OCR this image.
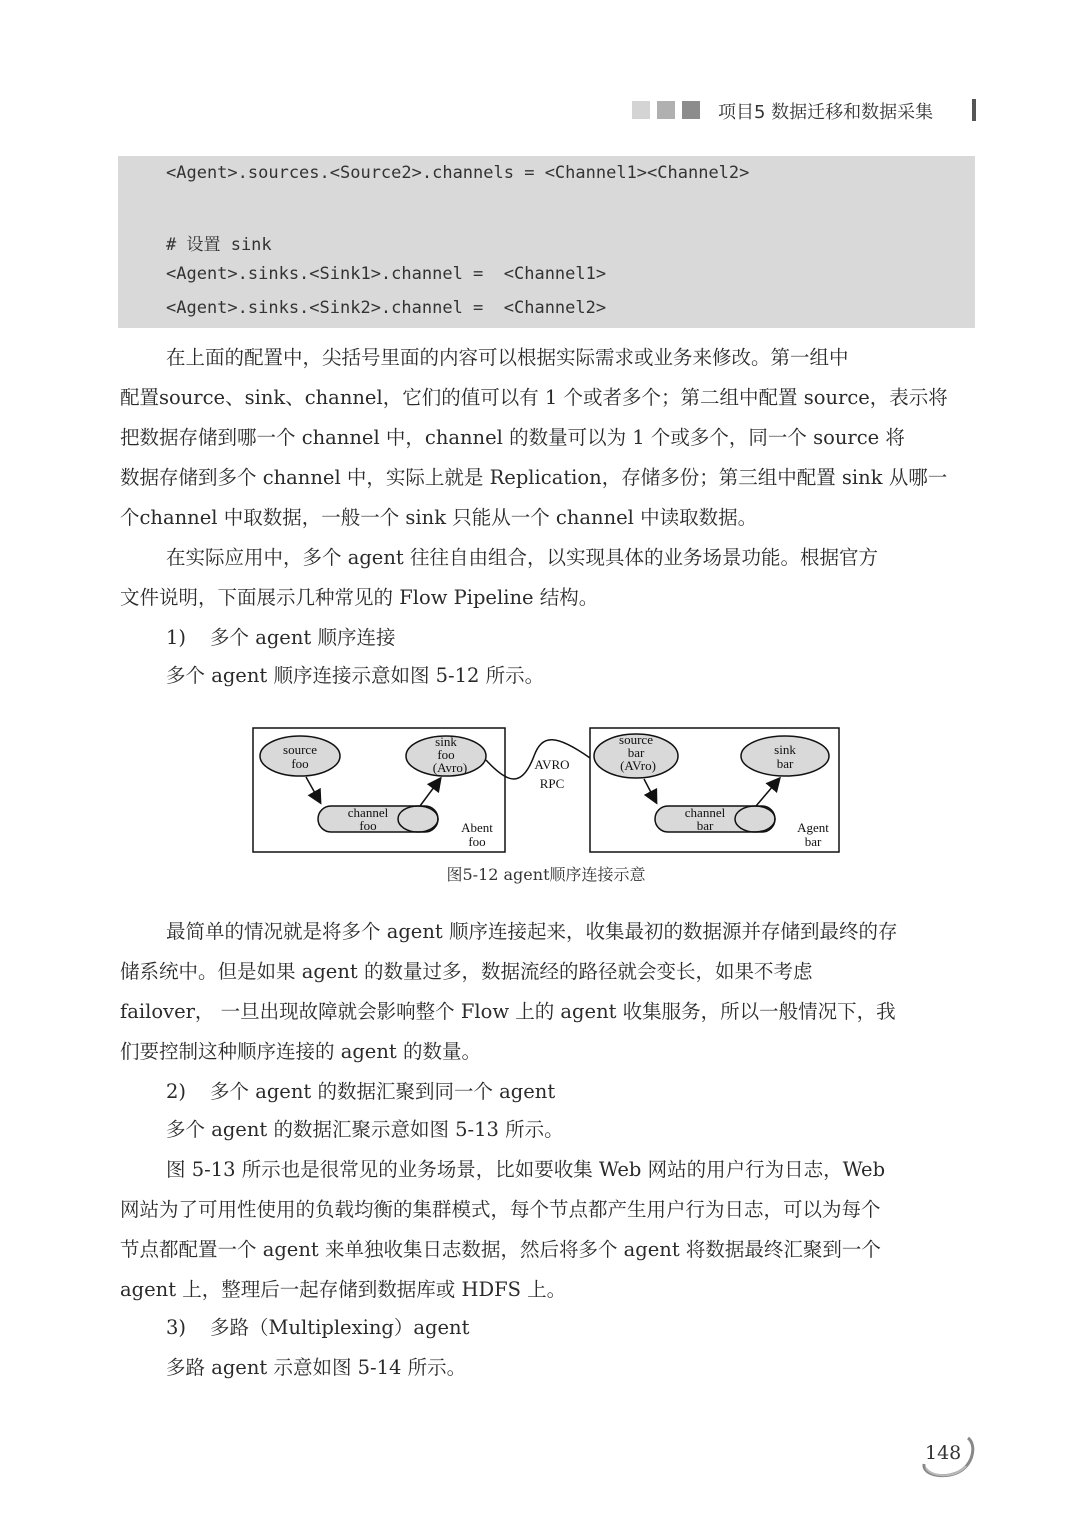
项目5 数据迁移和数据采集
<Agent>.sources.<Source2>.channels = <Channel1><Channel2>
# 设置 sink
<Agent>.sinks.<Sink1>.channel =  <Channel1>
<Agent>.sinks.<Sink2>.channel =  <Channel2>
在上面的配置中，尖括号里面的内容可以根据实际需求或业务来修改。第一组中
配置source、sink、channel，它们的值可以有 1 个或者多个；第二组中配置 source，表示将
把数据存储到哪一个 channel 中，channel 的数量可以为 1 个或多个，同一个 source 将
数据存储到多个 channel 中，实际上就是 Replication，存储多份；第三组中配置 sink 从哪一
个channel 中取数据，一般一个 sink 只能从一个 channel 中读取数据。
在实际应用中，多个 agent 往往自由组合，以实现具体的业务场景功能。根据官方
文件说明，下面展示几种常见的 Flow Pipeline 结构。
1) 多个 agent 顺序连接
多个 agent 顺序连接示意如图 5-12 所示。
source
foo
sink
foo
(Avro)
channel
foo	Abent
foo
AVRO
RPC
source
bar
(AVro)
sink
bar
channel
bar	Agent
bar
图5-12 agent顺序连接示意
最简单的情况就是将多个 agent 顺序连接起来，收集最初的数据源并存储到最终的存
储系统中。但是如果 agent 的数量过多，数据流经的路径就会变长，如果不考虑
failover， 一旦出现故障就会影响整个 Flow 上的 agent 收集服务，所以一般情况下，我
们要控制这种顺序连接的 agent 的数量。
2) 多个 agent 的数据汇聚到同一个 agent
多个 agent 的数据汇聚示意如图 5-13 所示。
图 5-13 所示也是很常见的业务场景，比如要收集 Web 网站的用户行为日志，Web
网站为了可用性使用的负载均衡的集群模式，每个节点都产生用户行为日志，可以为每个
节点都配置一个 agent 来单独收集日志数据，然后将多个 agent 将数据最终汇聚到一个
agent 上，整理后一起存储到数据库或 HDFS 上。
3) 多路（Multiplexing）agent
多路 agent 示意如图 5-14 所示。
148
